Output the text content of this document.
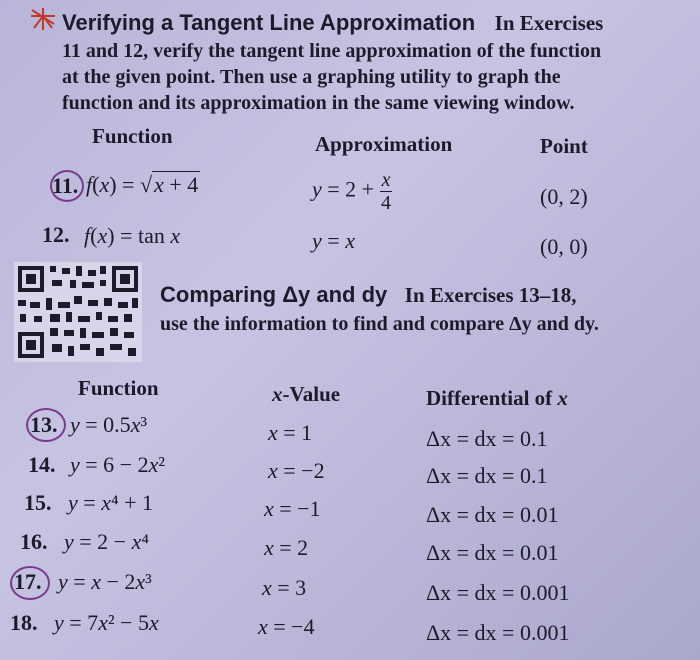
Verifying a Tangent Line Approximation In Exercises
11 and 12, verify the tangent line approximation of the function
at the given point. Then use a graphing utility to graph the
function and its approximation in the same viewing window.
Function	Approximation	Point
11. f(x) = √x + 4	$y = 2 + \frac{x}{4}$	(0, 2)
12. f(x) = tan x	y = x	(0, 0)
Comparing Δy and dy In Exercises 13–18,
use the information to find and compare Δy and dy.
Function	x-Value	Differential of x
13. y = 0.5x³	x = 1	Δx = dx = 0.1
14. y = 6 − 2x²	x = −2	Δx = dx = 0.1
15. y = x⁴ + 1	x = −1	Δx = dx = 0.01
16. y = 2 − x⁴	x = 2	Δx = dx = 0.01
17. y = x − 2x³	x = 3	Δx = dx = 0.001
18. y = 7x² − 5x	x = −4	Δx = dx = 0.001
